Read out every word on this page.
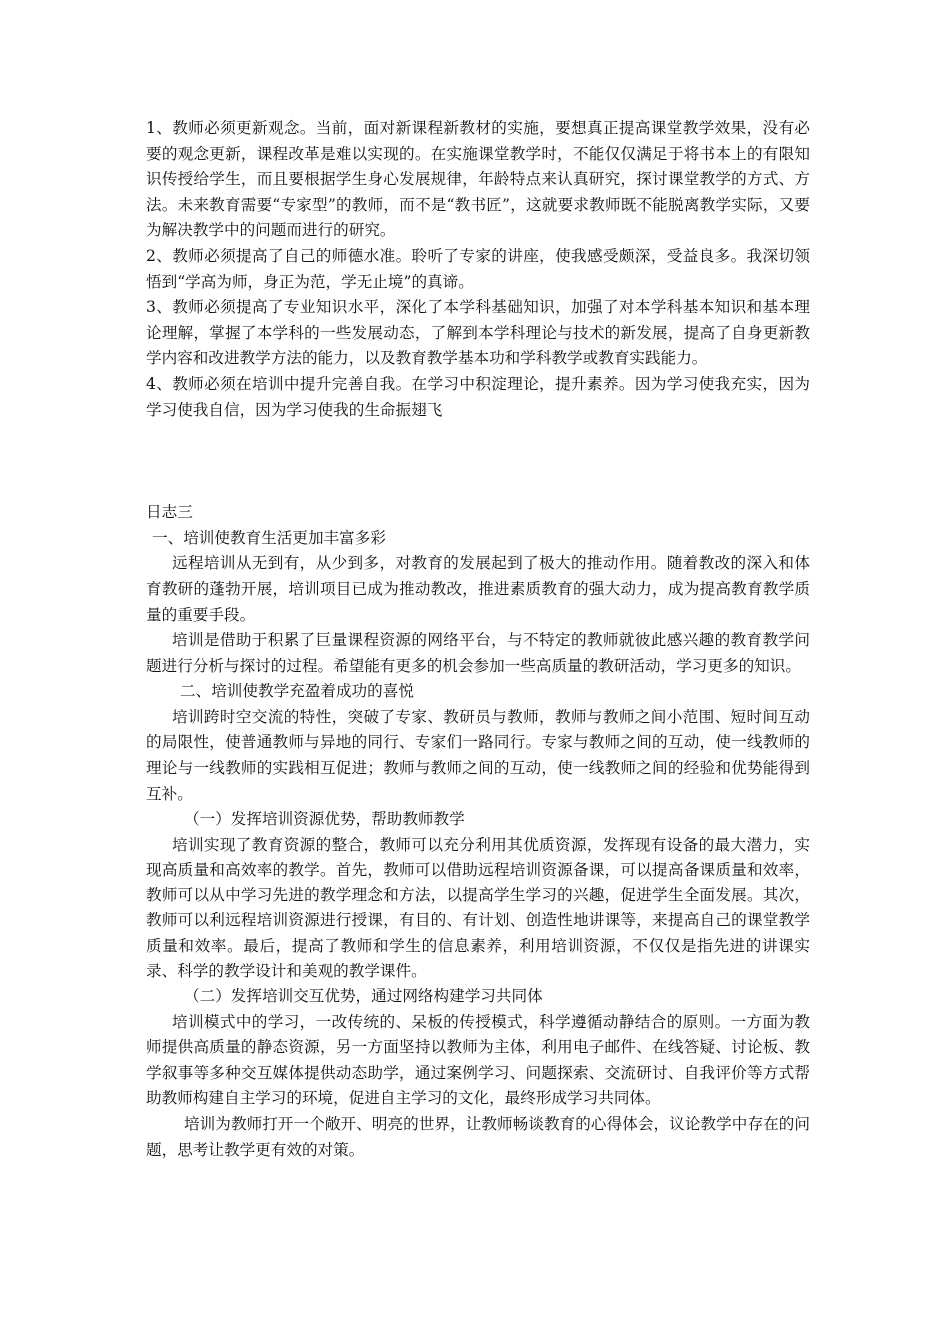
1、教师必须更新观念。当前，面对新课程新教材的实施，要想真正提高课堂教学效果，没有必要的观念更新，课程改革是难以实现的。在实施课堂教学时，不能仅仅满足于将书本上的有限知识传授给学生，而且要根据学生身心发展规律，年龄特点来认真研究，探讨课堂教学的方式、方法。未来教育需要“专家型”的教师，而不是“教书匠”，这就要求教师既不能脱离教学实际，又要为解决教学中的问题而进行的研究。

2、教师必须提高了自己的师德水准。聆听了专家的讲座，使我感受颇深，受益良多。我深切领悟到“学高为师，身正为范，学无止境”的真谛。

3、教师必须提高了专业知识水平，深化了本学科基础知识，加强了对本学科基本知识和基本理论理解，掌握了本学科的一些发展动态，了解到本学科理论与技术的新发展，提高了自身更新教学内容和改进教学方法的能力，以及教育教学基本功和学科教学或教育实践能力。

4、教师必须在培训中提升完善自我。在学习中积淀理论，提升素养。因为学习使我充实，因为学习使我自信，因为学习使我的生命振翅飞

日志三

一、培训使教育生活更加丰富多彩

远程培训从无到有，从少到多，对教育的发展起到了极大的推动作用。随着教改的深入和体育教研的蓬勃开展，培训项目已成为推动教改，推进素质教育的强大动力，成为提高教育教学质量的重要手段。

培训是借助于积累了巨量课程资源的网络平台，与不特定的教师就彼此感兴趣的教育教学问题进行分析与探讨的过程。希望能有更多的机会参加一些高质量的教研活动，学习更多的知识。

二、培训使教学充盈着成功的喜悦

培训跨时空交流的特性，突破了专家、教研员与教师，教师与教师之间小范围、短时间互动的局限性，使普通教师与异地的同行、专家们一路同行。专家与教师之间的互动，使一线教师的理论与一线教师的实践相互促进；教师与教师之间的互动，使一线教师之间的经验和优势能得到互补。

（一）发挥培训资源优势，帮助教师教学

培训实现了教育资源的整合，教师可以充分利用其优质资源，发挥现有设备的最大潜力，实现高质量和高效率的教学。首先，教师可以借助远程培训资源备课，可以提高备课质量和效率，教师可以从中学习先进的教学理念和方法，以提高学生学习的兴趣，促进学生全面发展。其次，教师可以利远程培训资源进行授课，有目的、有计划、创造性地讲课等，来提高自己的课堂教学质量和效率。最后，提高了教师和学生的信息素养，利用培训资源，不仅仅是指先进的讲课实录、科学的教学设计和美观的教学课件。

（二）发挥培训交互优势，通过网络构建学习共同体

培训模式中的学习，一改传统的、呆板的传授模式，科学遵循动静结合的原则。一方面为教师提供高质量的静态资源，另一方面坚持以教师为主体，利用电子邮件、在线答疑、讨论板、教学叙事等多种交互媒体提供动态助学，通过案例学习、问题探索、交流研讨、自我评价等方式帮助教师构建自主学习的环境，促进自主学习的文化，最终形成学习共同体。

培训为教师打开一个敞开、明亮的世界，让教师畅谈教育的心得体会，议论教学中存在的问题，思考让教学更有效的对策。
